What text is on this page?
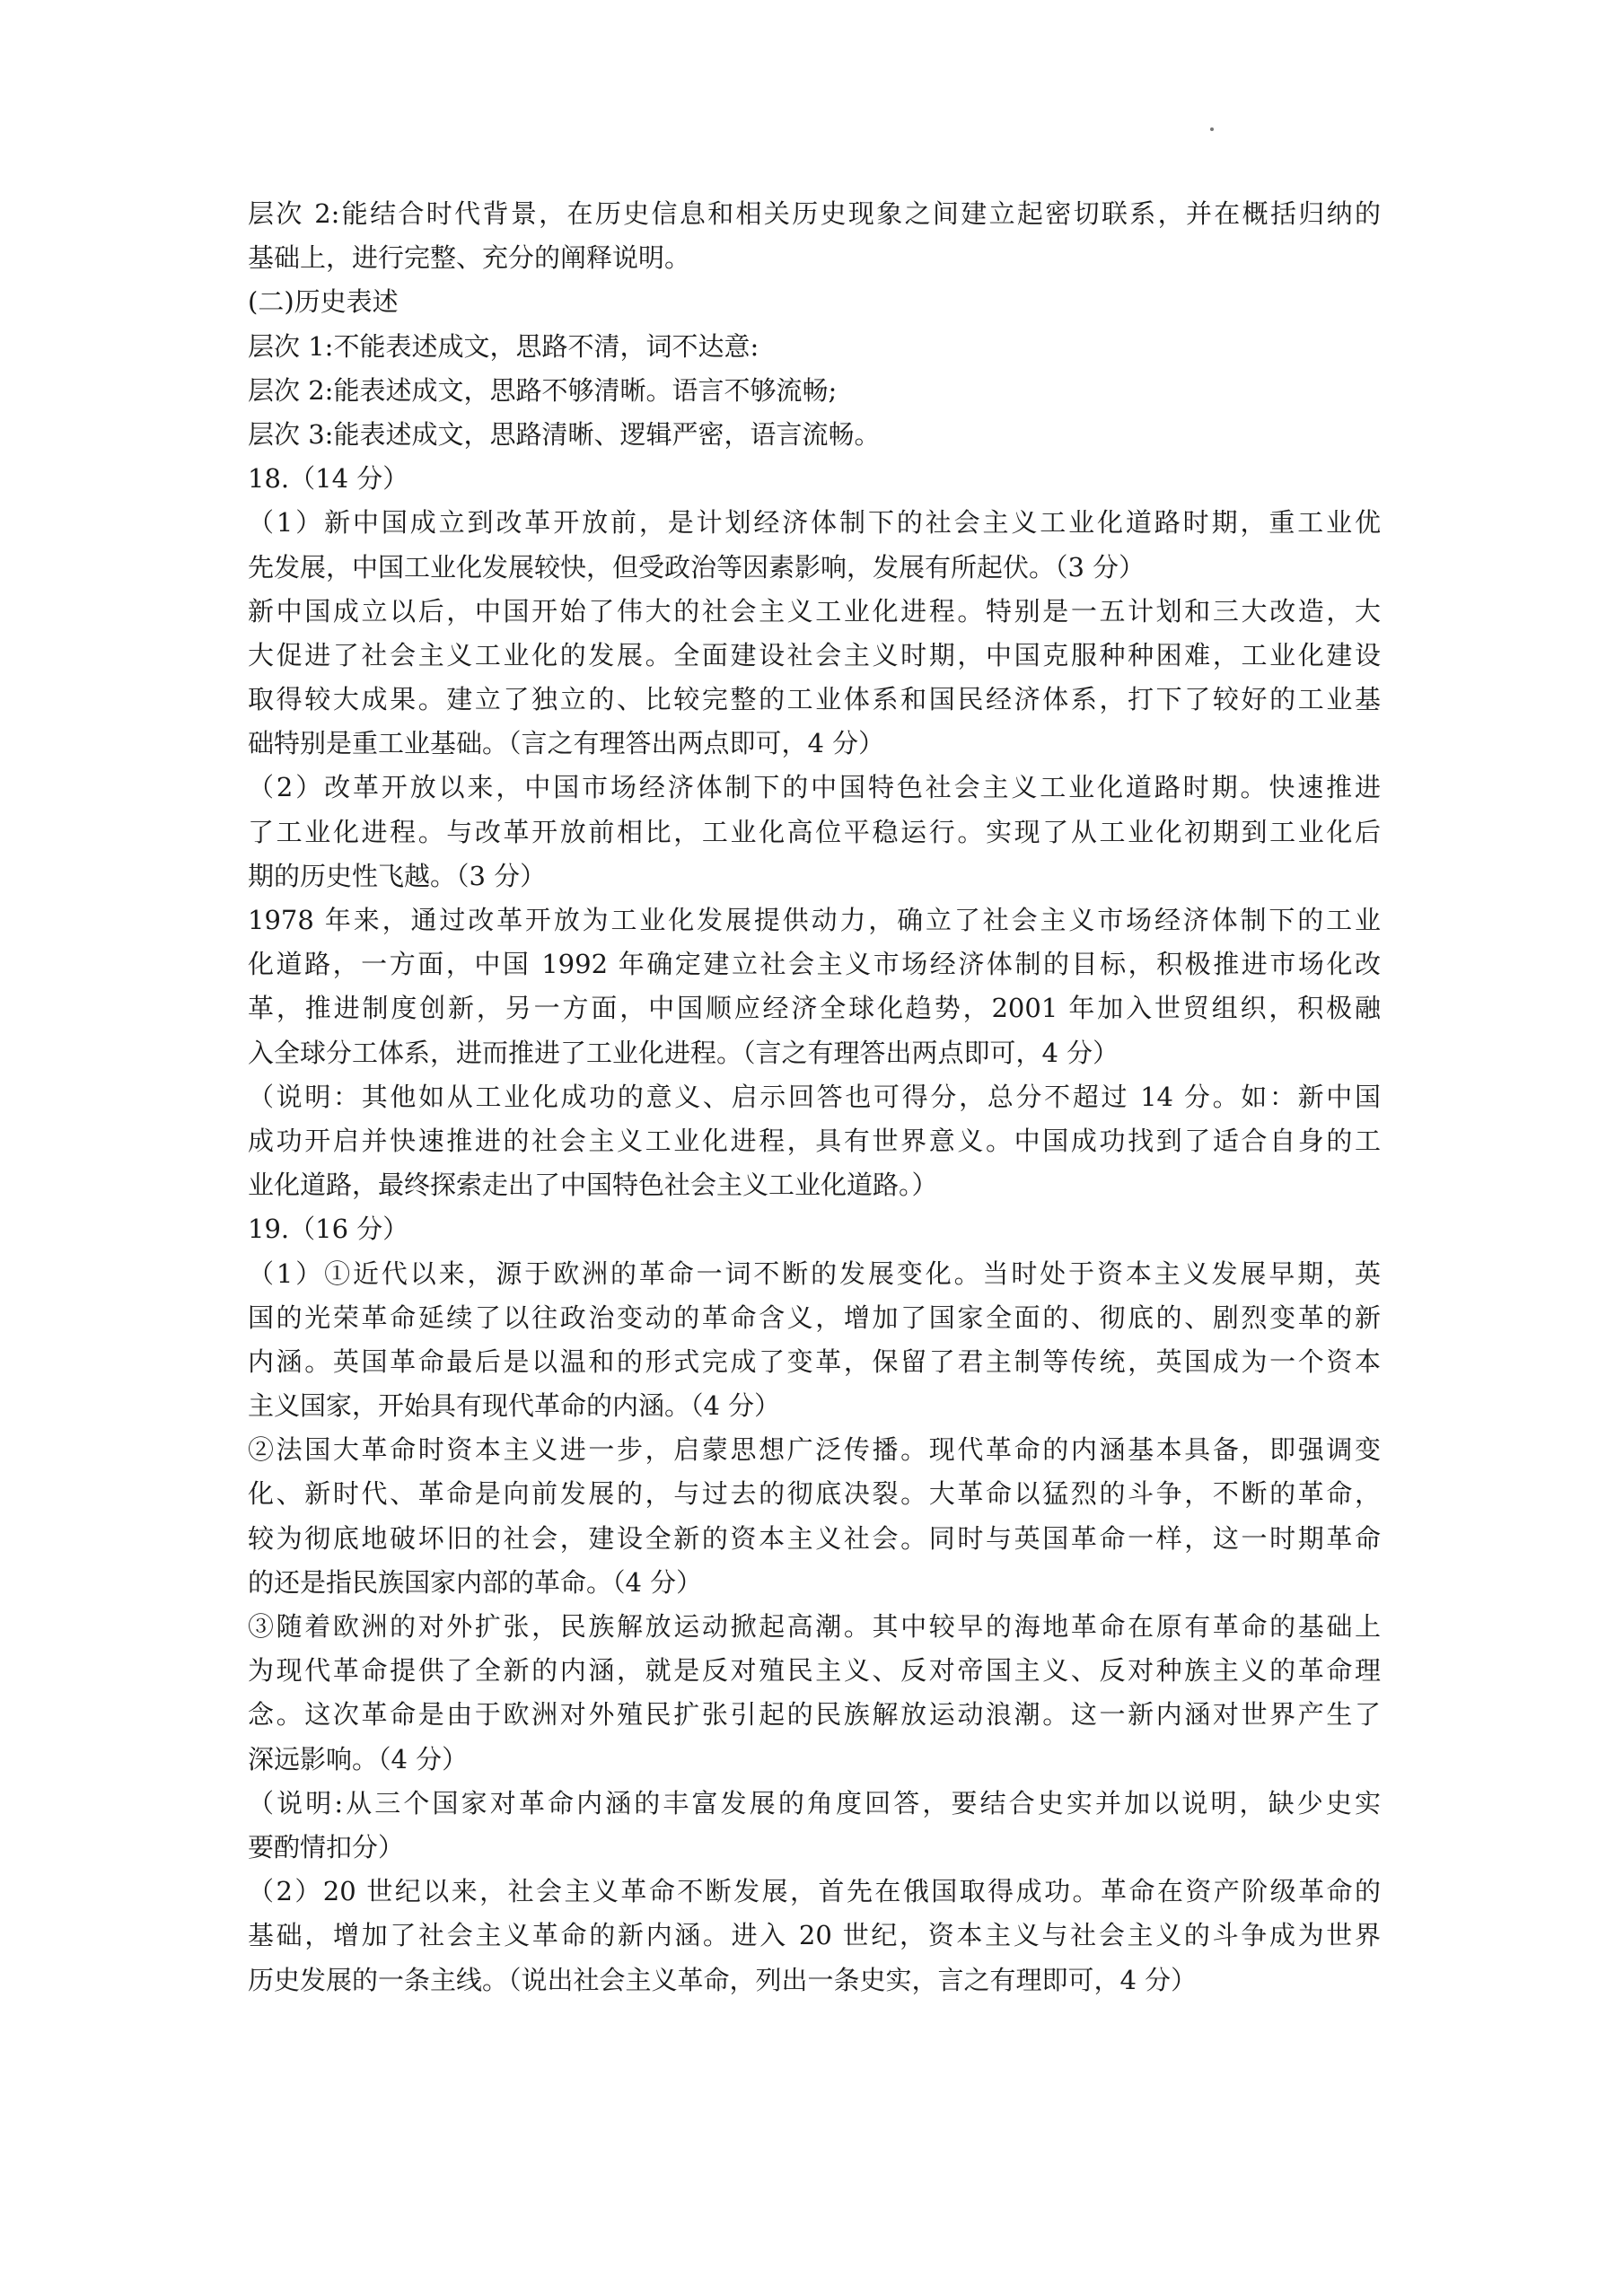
层次 2:能结合时代背景，在历史信息和相关历史现象之间建立起密切联系，并在概括归纳的
基础上，进行完整、充分的阐释说明。
(二)历史表述
层次 1:不能表述成文，思路不清，词不达意:
层次 2:能表述成文，思路不够清晰。语言不够流畅;
层次 3:能表述成文，思路清晰、逻辑严密，语言流畅。
18.（14 分）
（1）新中国成立到改革开放前，是计划经济体制下的社会主义工业化道路时期，重工业优
先发展，中国工业化发展较快，但受政治等因素影响，发展有所起伏。（3 分）
新中国成立以后，中国开始了伟大的社会主义工业化进程。特别是一五计划和三大改造，大
大促进了社会主义工业化的发展。全面建设社会主义时期，中国克服种种困难，工业化建设
取得较大成果。建立了独立的、比较完整的工业体系和国民经济体系，打下了较好的工业基
础特别是重工业基础。（言之有理答出两点即可，4 分）
（2）改革开放以来，中国市场经济体制下的中国特色社会主义工业化道路时期。快速推进
了工业化进程。与改革开放前相比，工业化高位平稳运行。实现了从工业化初期到工业化后
期的历史性飞越。（3 分）
1978 年来，通过改革开放为工业化发展提供动力，确立了社会主义市场经济体制下的工业
化道路，一方面，中国 1992 年确定建立社会主义市场经济体制的目标，积极推进市场化改
革，推进制度创新，另一方面，中国顺应经济全球化趋势，2001 年加入世贸组织，积极融
入全球分工体系，进而推进了工业化进程。（言之有理答出两点即可，4 分）
（说明：其他如从工业化成功的意义、启示回答也可得分，总分不超过 14 分。如：新中国
成功开启并快速推进的社会主义工业化进程，具有世界意义。中国成功找到了适合自身的工
业化道路，最终探索走出了中国特色社会主义工业化道路。）
19.（16 分）
（1）①近代以来，源于欧洲的革命一词不断的发展变化。当时处于资本主义发展早期，英
国的光荣革命延续了以往政治变动的革命含义，增加了国家全面的、彻底的、剧烈变革的新
内涵。英国革命最后是以温和的形式完成了变革，保留了君主制等传统，英国成为一个资本
主义国家，开始具有现代革命的内涵。（4 分）
②法国大革命时资本主义进一步，启蒙思想广泛传播。现代革命的内涵基本具备，即强调变
化、新时代、革命是向前发展的，与过去的彻底决裂。大革命以猛烈的斗争，不断的革命，
较为彻底地破坏旧的社会，建设全新的资本主义社会。同时与英国革命一样，这一时期革命
的还是指民族国家内部的革命。（4 分）
③随着欧洲的对外扩张，民族解放运动掀起高潮。其中较早的海地革命在原有革命的基础上
为现代革命提供了全新的内涵，就是反对殖民主义、反对帝国主义、反对种族主义的革命理
念。这次革命是由于欧洲对外殖民扩张引起的民族解放运动浪潮。这一新内涵对世界产生了
深远影响。（4 分）
（说明:从三个国家对革命内涵的丰富发展的角度回答，要结合史实并加以说明，缺少史实
要酌情扣分）
（2）20 世纪以来，社会主义革命不断发展，首先在俄国取得成功。革命在资产阶级革命的
基础，增加了社会主义革命的新内涵。进入 20 世纪，资本主义与社会主义的斗争成为世界
历史发展的一条主线。（说出社会主义革命，列出一条史实，言之有理即可，4 分）
